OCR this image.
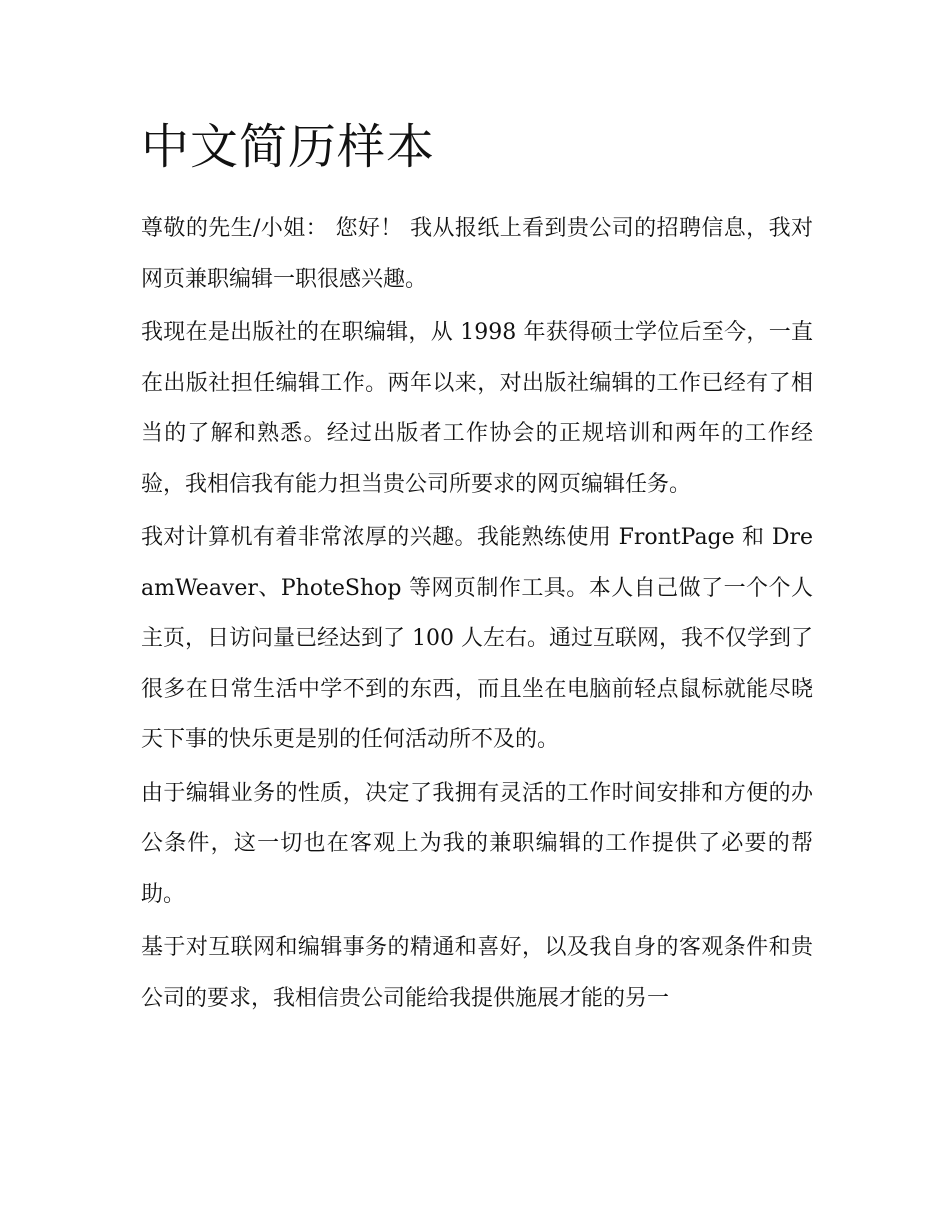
中文简历样本

尊敬的先生/小姐： 您好！ 我从报纸上看到贵公司的招聘信息，我对网页兼职编辑一职很感兴趣。

我现在是出版社的在职编辑，从 1998 年获得硕士学位后至今，一直在出版社担任编辑工作。两年以来，对出版社编辑的工作已经有了相当的了解和熟悉。经过出版者工作协会的正规培训和两年的工作经验，我相信我有能力担当贵公司所要求的网页编辑任务。

我对计算机有着非常浓厚的兴趣。我能熟练使用 FrontPage 和 DreamWeaver、PhoteShop 等网页制作工具。本人自己做了一个个人主页，日访问量已经达到了 100 人左右。通过互联网，我不仅学到了很多在日常生活中学不到的东西，而且坐在电脑前轻点鼠标就能尽晓天下事的快乐更是别的任何活动所不及的。

由于编辑业务的性质，决定了我拥有灵活的工作时间安排和方便的办公条件，这一切也在客观上为我的兼职编辑的工作提供了必要的帮助。

基于对互联网和编辑事务的精通和喜好，以及我自身的客观条件和贵公司的要求，我相信贵公司能给我提供施展才能的另一
